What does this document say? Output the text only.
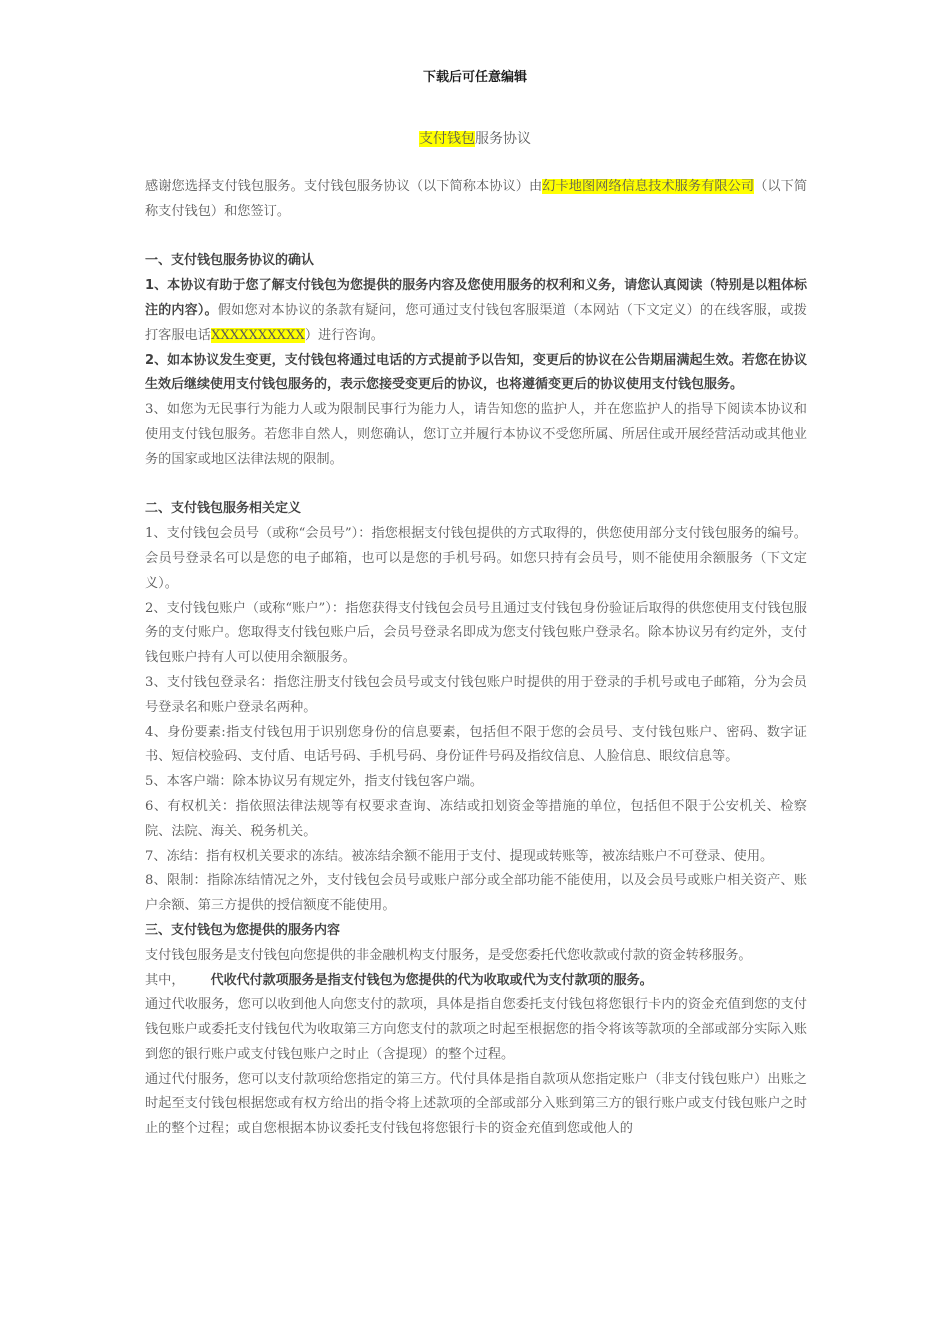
下载后可任意编辑
支付钱包服务协议

感谢您选择支付钱包服务。支付钱包服务协议（以下简称本协议）由幻卡地图网络信息技术服务有限公司（以下简称支付钱包）和您签订。

一、支付钱包服务协议的确认

1、本协议有助于您了解支付钱包为您提供的服务内容及您使用服务的权利和义务，请您认真阅读（特别是以粗体标注的内容）。假如您对本协议的条款有疑问，您可通过支付钱包客服渠道（本网站（下文定义）的在线客服，或拨打客服电话XXXXXXXXXX）进行咨询。

2、如本协议发生变更，支付钱包将通过电话的方式提前予以告知，变更后的协议在公告期届满起生效。若您在协议生效后继续使用支付钱包服务的，表示您接受变更后的协议，也将遵循变更后的协议使用支付钱包服务。

3、如您为无民事行为能力人或为限制民事行为能力人，请告知您的监护人，并在您监护人的指导下阅读本协议和使用支付钱包服务。若您非自然人，则您确认，您订立并履行本协议不受您所属、所居住或开展经营活动或其他业务的国家或地区法律法规的限制。

二、支付钱包服务相关定义

1、支付钱包会员号（或称“会员号”）：指您根据支付钱包提供的方式取得的，供您使用部分支付钱包服务的编号。会员号登录名可以是您的电子邮箱，也可以是您的手机号码。如您只持有会员号，则不能使用余额服务（下文定义）。

2、支付钱包账户（或称“账户”）：指您获得支付钱包会员号且通过支付钱包身份验证后取得的供您使用支付钱包服务的支付账户。您取得支付钱包账户后，会员号登录名即成为您支付钱包账户登录名。除本协议另有约定外，支付钱包账户持有人可以使用余额服务。

3、支付钱包登录名：指您注册支付钱包会员号或支付钱包账户时提供的用于登录的手机号或电子邮箱，分为会员号登录名和账户登录名两种。

4、身份要素:指支付钱包用于识别您身份的信息要素，包括但不限于您的会员号、支付钱包账户、密码、数字证书、短信校验码、支付盾、电话号码、手机号码、身份证件号码及指纹信息、人脸信息、眼纹信息等。

5、本客户端：除本协议另有规定外，指支付钱包客户端。

6、有权机关：指依照法律法规等有权要求查询、冻结或扣划资金等措施的单位，包括但不限于公安机关、检察院、法院、海关、税务机关。

7、冻结：指有权机关要求的冻结。被冻结余额不能用于支付、提现或转账等，被冻结账户不可登录、使用。

8、限制：指除冻结情况之外，支付钱包会员号或账户部分或全部功能不能使用，以及会员号或账户相关资产、账户余额、第三方提供的授信额度不能使用。

三、支付钱包为您提供的服务内容

支付钱包服务是支付钱包向您提供的非金融机构支付服务，是受您委托代您收款或付款的资金转移服务。

其中， 代收代付款项服务是指支付钱包为您提供的代为收取或代为支付款项的服务。

通过代收服务，您可以收到他人向您支付的款项，具体是指自您委托支付钱包将您银行卡内的资金充值到您的支付钱包账户或委托支付钱包代为收取第三方向您支付的款项之时起至根据您的指令将该等款项的全部或部分实际入账到您的银行账户或支付钱包账户之时止（含提现）的整个过程。

通过代付服务，您可以支付款项给您指定的第三方。代付具体是指自款项从您指定账户（非支付钱包账户）出账之时起至支付钱包根据您或有权方给出的指令将上述款项的全部或部分入账到第三方的银行账户或支付钱包账户之时止的整个过程；或自您根据本协议委托支付钱包将您银行卡的资金充值到您或他人的
